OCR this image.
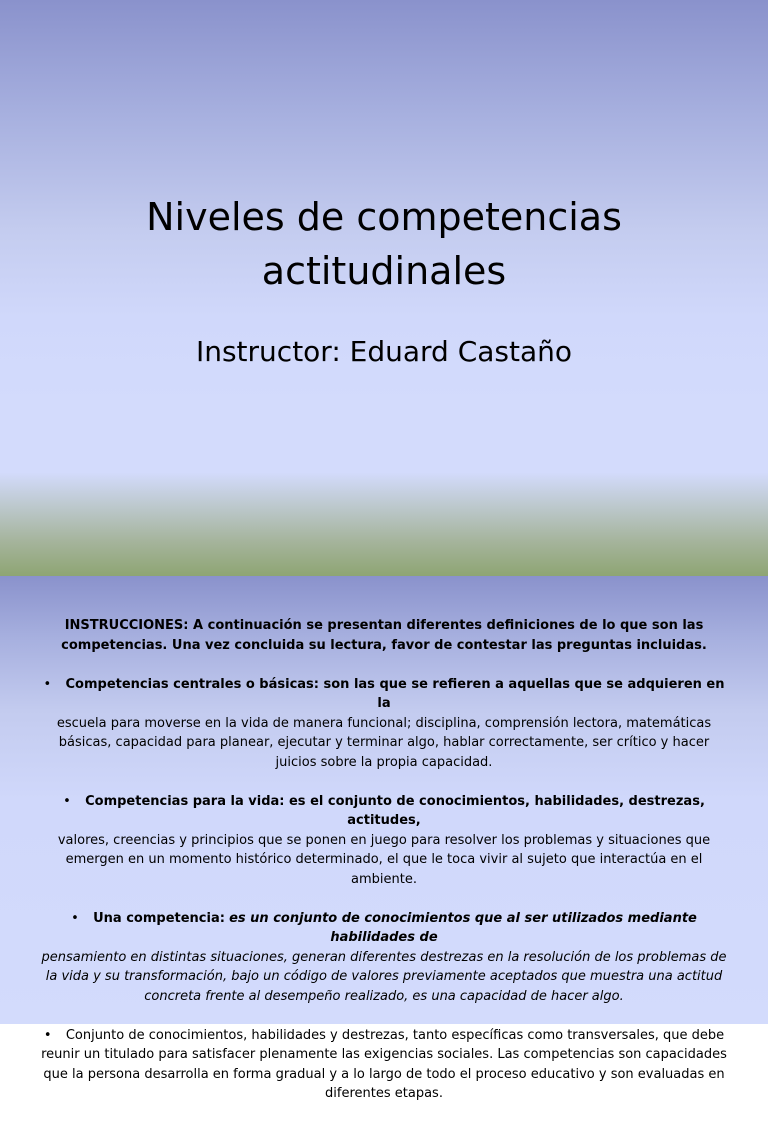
Niveles de competencias
actitudinales
Instructor: Eduard Castaño

INSTRUCCIONES: A continuación se presentan diferentes definiciones de lo que son las competencias. Una vez concluida su lectura, favor de contestar las preguntas incluidas.

• Competencias centrales o básicas: son las que se refieren a aquellas que se adquieren en la
escuela para moverse en la vida de manera funcional; disciplina, comprensión lectora, matemáticas básicas, capacidad para planear, ejecutar y terminar algo, hablar correctamente, ser crítico y hacer juicios sobre la propia capacidad.

• Competencias para la vida: es el conjunto de conocimientos, habilidades, destrezas, actitudes,
valores, creencias y principios que se ponen en juego para resolver los problemas y situaciones que emergen en un momento histórico determinado, el que le toca vivir al sujeto que interactúa en el ambiente.

• Una competencia: es un conjunto de conocimientos que al ser utilizados mediante habilidades de
pensamiento en distintas situaciones, generan diferentes destrezas en la resolución de los problemas de la vida y su transformación, bajo un código de valores previamente aceptados que muestra una actitud concreta frente al desempeño realizado, es una capacidad de hacer algo.

• Conjunto de conocimientos, habilidades y destrezas, tanto específicas como transversales, que debe reunir un titulado para satisfacer plenamente las exigencias sociales. Las competencias son capacidades que la persona desarrolla en forma gradual y a lo largo de todo el proceso educativo y son evaluadas en diferentes etapas.
